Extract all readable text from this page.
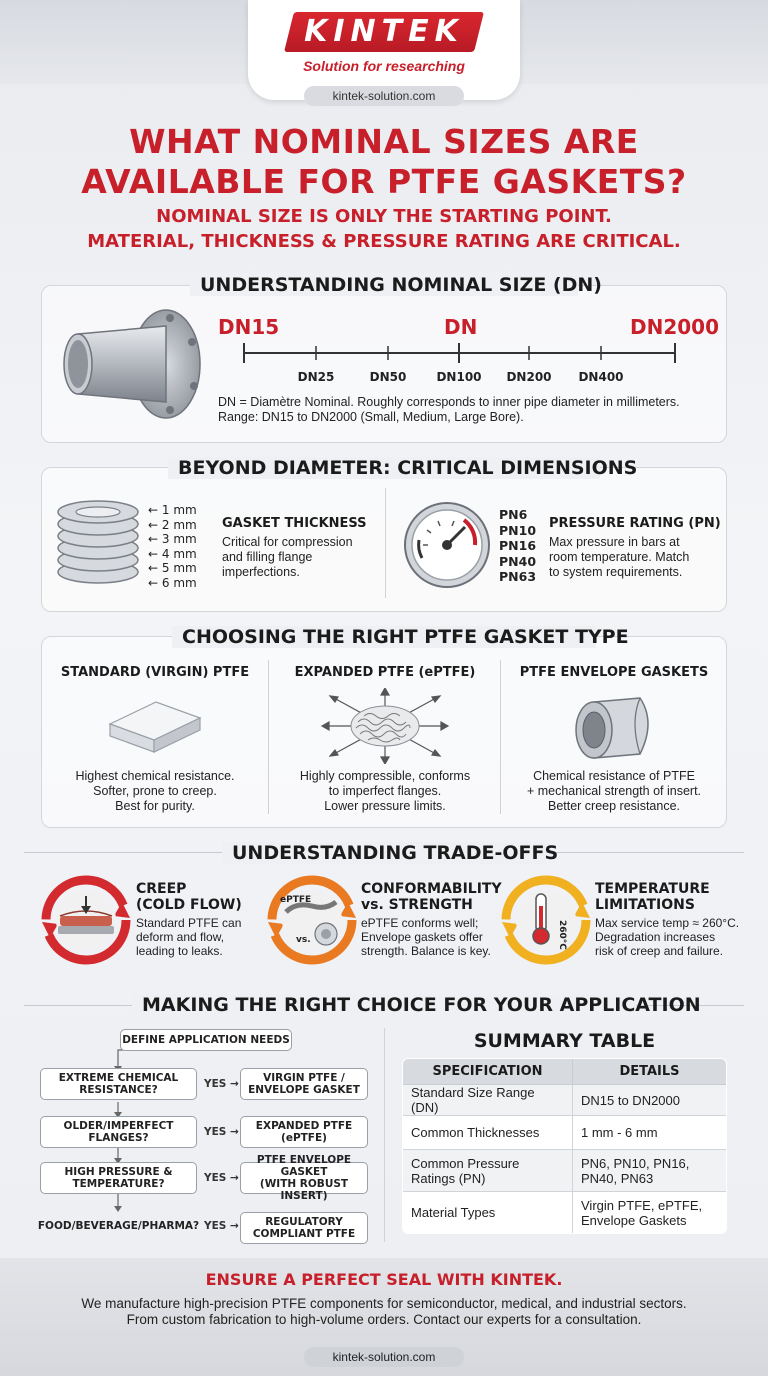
KINTEK
Solution for researching
kintek-solution.com
WHAT NOMINAL SIZES ARE
AVAILABLE FOR PTFE GASKETS?
NOMINAL SIZE IS ONLY THE STARTING POINT.
MATERIAL, THICKNESS & PRESSURE RATING ARE CRITICAL.
UNDERSTANDING NOMINAL SIZE (DN)
DN15	DN	DN2000
DN25	DN50	DN100	DN200	DN400
DN = Diamètre Nominal. Roughly corresponds to inner pipe diameter in millimeters.
Range: DN15 to DN2000 (Small, Medium, Large Bore).
BEYOND DIAMETER: CRITICAL DIMENSIONS
← 1 mm
← 2 mm
← 3 mm
← 4 mm
← 5 mm
← 6 mm
GASKET THICKNESS
Critical for compression
and filling flange
imperfections.
PN6
PN10
PN16
PN40
PN63
PRESSURE RATING (PN)
Max pressure in bars at
room temperature. Match
to system requirements.
CHOOSING THE RIGHT PTFE GASKET TYPE
STANDARD (VIRGIN) PTFE
Highest chemical resistance.
Softer, prone to creep.
Best for purity.
EXPANDED PTFE (ePTFE)
Highly compressible, conforms
to imperfect flanges.
Lower pressure limits.
PTFE ENVELOPE GASKETS
Chemical resistance of PTFE
+ mechanical strength of insert.
Better creep resistance.
UNDERSTANDING TRADE-OFFS
CREEP
(COLD FLOW)
Standard PTFE can
deform and flow,
leading to leaks.
ePTFE
vs.
CONFORMABILITY
vs. STRENGTH
ePTFE conforms well;
Envelope gaskets offer
strength. Balance is key.
260°C
TEMPERATURE
LIMITATIONS
Max service temp ≈ 260°C.
Degradation increases
risk of creep and failure.
MAKING THE RIGHT CHOICE FOR YOUR APPLICATION
DEFINE APPLICATION NEEDS
EXTREME CHEMICAL
RESISTANCE?	YES → VIRGIN PTFE /
ENVELOPE GASKET
OLDER/IMPERFECT
FLANGES?	YES → EXPANDED PTFE
(ePTFE)
HIGH PRESSURE &
TEMPERATURE?	YES →
PTFE ENVELOPE GASKET
(WITH ROBUST INSERT)
FOOD/BEVERAGE/PHARMA? YES →	REGULATORY
COMPLIANT PTFE
SUMMARY TABLE
SPECIFICATION	DETAILS
Standard Size Range (DN)	DN15 to DN2000
Common Thicknesses	1 mm - 6 mm
Common Pressure Ratings (PN)	PN6, PN10, PN16, PN40, PN63
Material Types	Virgin PTFE, ePTFE, Envelope Gaskets
ENSURE A PERFECT SEAL WITH KINTEK.
We manufacture high-precision PTFE components for semiconductor, medical, and industrial sectors.
From custom fabrication to high-volume orders. Contact our experts for a consultation.
kintek-solution.com
